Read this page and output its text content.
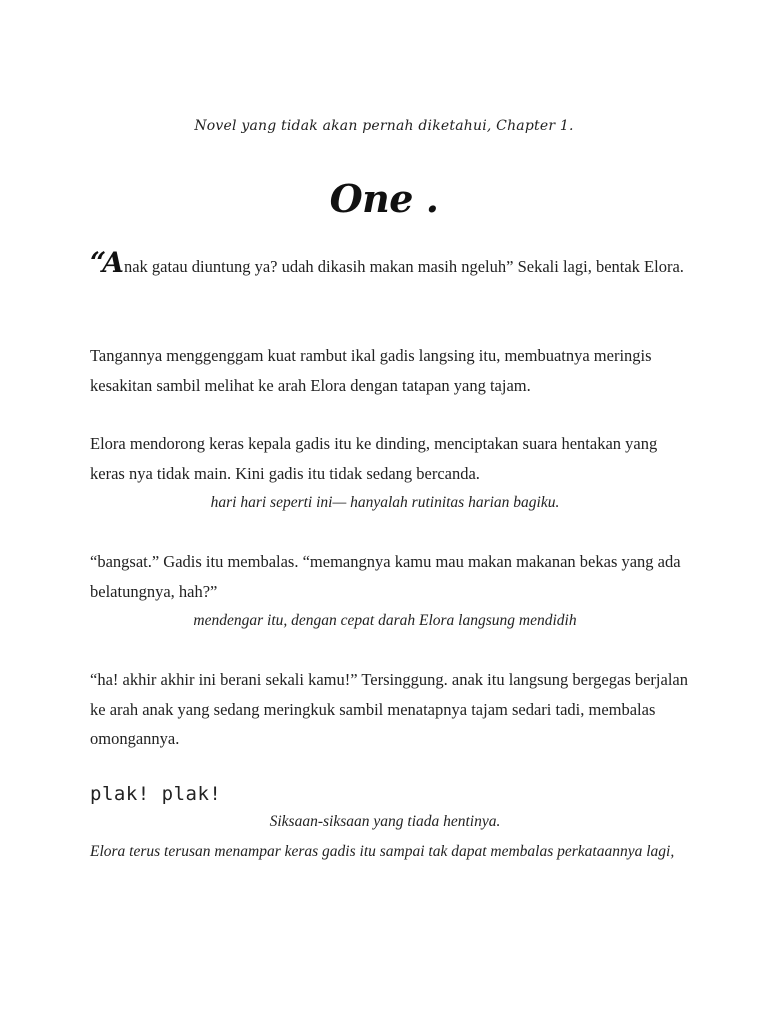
Novel yang tidak akan pernah diketahui, Chapter 1.
One .
“Anak gatau diuntung ya? udah dikasih makan masih ngeluh” Sekali lagi, bentak Elora.
Tangannya menggenggam kuat rambut ikal gadis langsing itu, membuatnya meringis kesakitan sambil melihat ke arah Elora dengan tatapan yang tajam.
Elora mendorong keras kepala gadis itu ke dinding, menciptakan suara hentakan yang keras nya tidak main. Kini gadis itu tidak sedang bercanda.
hari hari seperti ini— hanyalah rutinitas harian bagiku.
“bangsat.” Gadis itu membalas. “memangnya kamu mau makan makanan bekas yang ada belatungnya, hah?”
mendengar itu, dengan cepat darah Elora langsung mendidih
“ha! akhir akhir ini berani sekali kamu!” Tersinggung. anak itu langsung bergegas berjalan ke arah anak yang sedang meringkuk sambil menatapnya tajam sedari tadi, membalas omongannya.
plak! plak!
Siksaan-siksaan yang tiada hentinya.
Elora terus terusan menampar keras gadis itu sampai tak dapat membalas perkataannya lagi,
